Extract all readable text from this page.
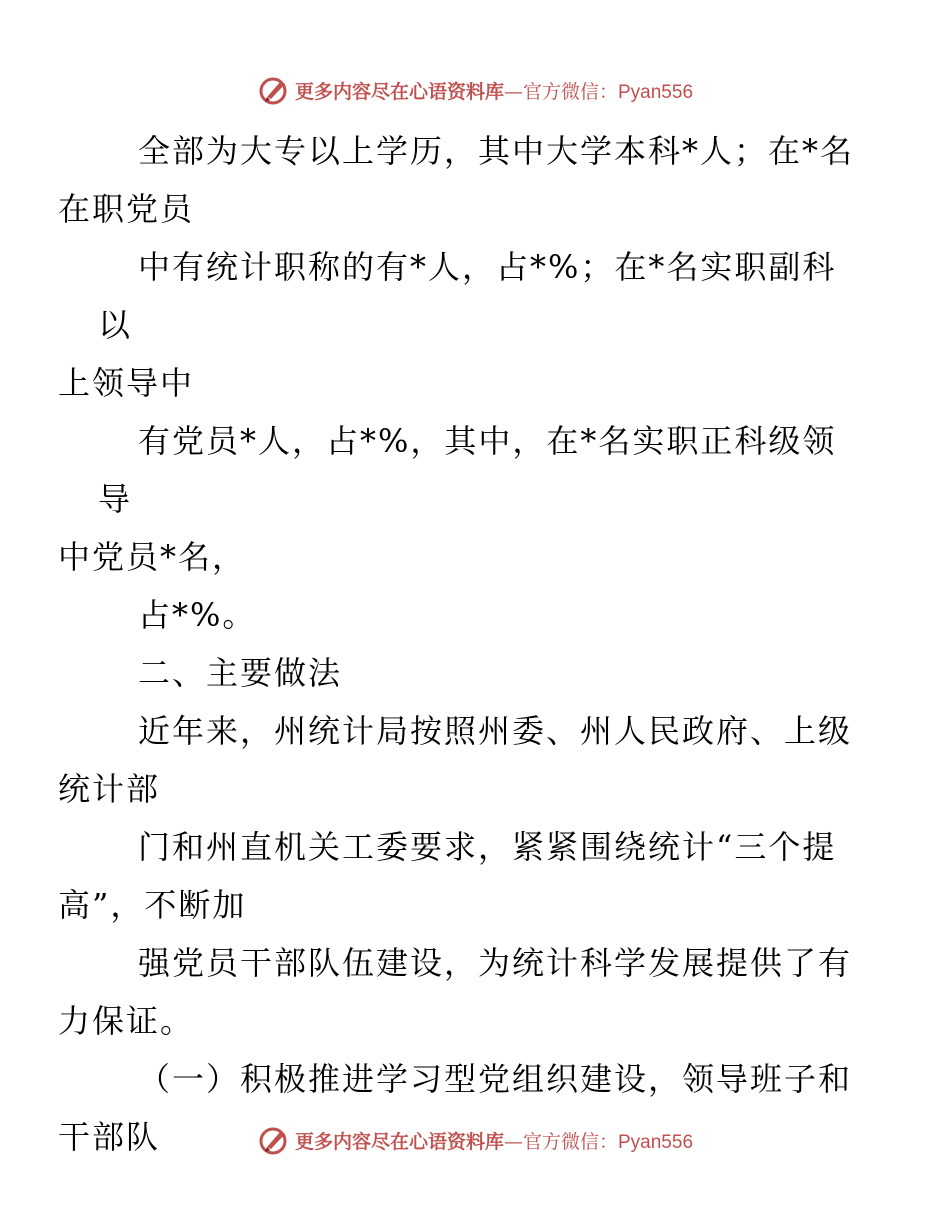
更多内容尽在心语资料库—官方微信：Pyan556

全部为大专以上学历，其中大学本科*人；在*名
在职党员

中有统计职称的有*人，占*%；在*名实职副科以
上领导中

有党员*人，占*%，其中，在*名实职正科级领导
中党员*名，

占*%。

二、主要做法

近年来，州统计局按照州委、州人民政府、上级
统计部

门和州直机关工委要求，紧紧围绕统计“三个提
高”，不断加

强党员干部队伍建设，为统计科学发展提供了有
力保证。

（一）积极推进学习型党组织建设，领导班子和
干部队	更多内容尽在心语资料库—官方微信：Pyan556
